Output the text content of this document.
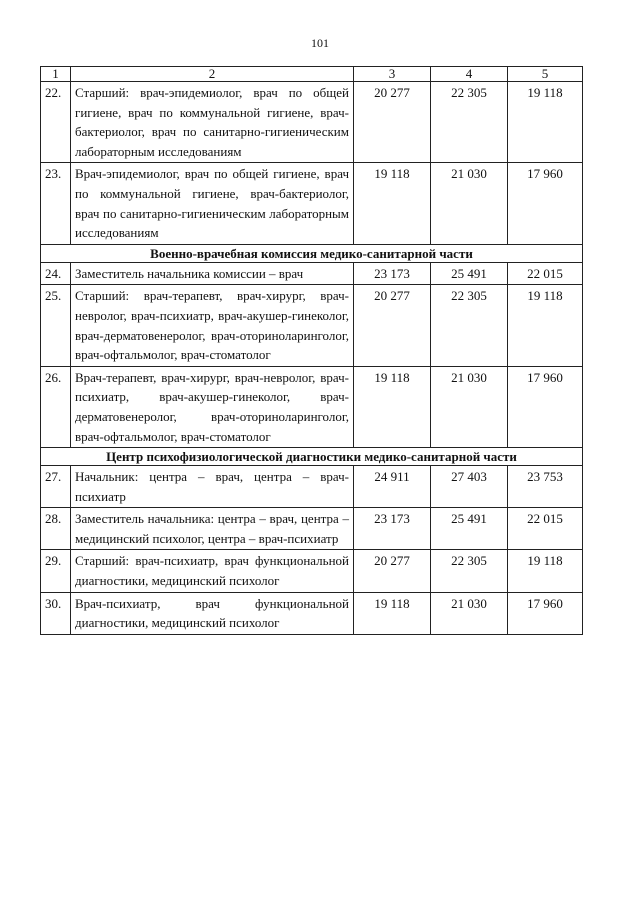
101
1	2	3	4	5
22.	Старший: врач-эпидемиолог, врач по общей гигиене, врач по коммунальной гигиене, врач-бактериолог, врач по санитарно-гигиеническим лабораторным исследованиям	20 277	22 305	19 118
23.	Врач-эпидемиолог, врач по общей гигиене, врач по коммунальной гигиене, врач-бактериолог, врач по санитарно-гигиеническим лабораторным исследованиям	19 118	21 030	17 960
Военно-врачебная комиссия медико-санитарной части				
24.	Заместитель начальника комиссии – врач	23 173	25 491	22 015
25.	Старший: врач-терапевт, врач-хирург, врач-невролог, врач-психиатр, врач-акушер-гинеколог, врач-дерматовенеролог, врач-оториноларинголог, врач-офтальмолог, врач-стоматолог	20 277	22 305	19 118
26.	Врач-терапевт, врач-хирург, врач-невролог, врач-психиатр, врач-акушер-гинеколог, врач-дерматовенеролог, врач-оториноларинголог, врач-офтальмолог, врач-стоматолог	19 118	21 030	17 960
Центр психофизиологической диагностики медико-санитарной части				
27.	Начальник: центра – врач, центра – врач-психиатр	24 911	27 403	23 753
28.	Заместитель начальника: центра – врач, центра – медицинский психолог, центра – врач-психиатр	23 173	25 491	22 015
29.	Старший: врач-психиатр, врач функциональной диагностики, медицинский психолог	20 277	22 305	19 118
30.	Врач-психиатр, врач функциональной диагностики, медицинский психолог	19 118	21 030	17 960
